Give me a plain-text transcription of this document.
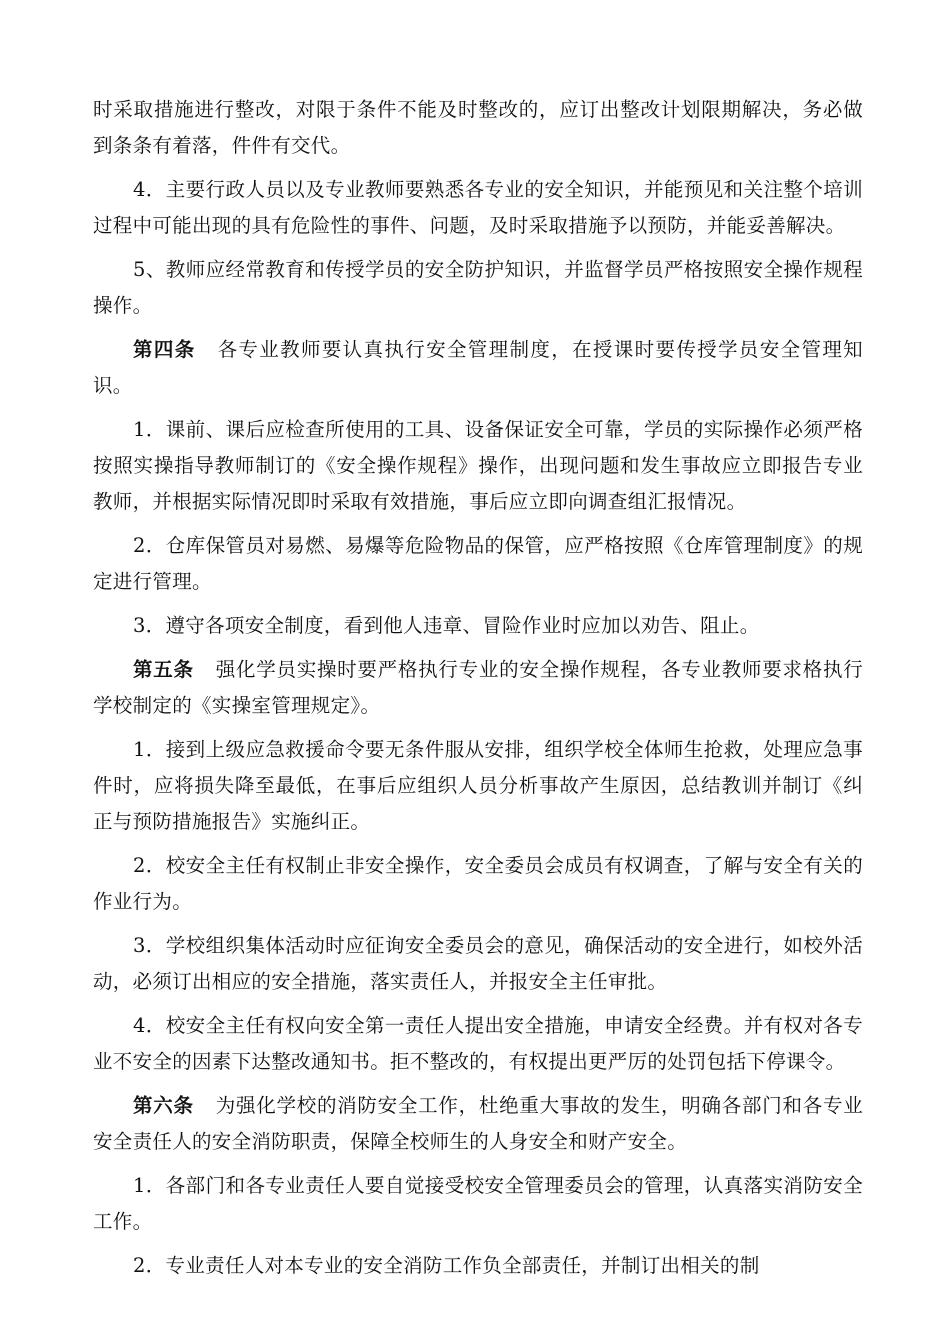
时采取措施进行整改，对限于条件不能及时整改的，应订出整改计划限期解决，务必做到条条有着落，件件有交代。

4．主要行政人员以及专业教师要熟悉各专业的安全知识，并能预见和关注整个培训过程中可能出现的具有危险性的事件、问题，及时采取措施予以预防，并能妥善解决。

5、教师应经常教育和传授学员的安全防护知识，并监督学员严格按照安全操作规程操作。

第四条 各专业教师要认真执行安全管理制度，在授课时要传授学员安全管理知识。

1．课前、课后应检查所使用的工具、设备保证安全可靠，学员的实际操作必须严格按照实操指导教师制订的《安全操作规程》操作，出现问题和发生事故应立即报告专业教师，并根据实际情况即时采取有效措施，事后应立即向调查组汇报情况。

2．仓库保管员对易燃、易爆等危险物品的保管，应严格按照《仓库管理制度》的规定进行管理。

3．遵守各项安全制度，看到他人违章、冒险作业时应加以劝告、阻止。

第五条 强化学员实操时要严格执行专业的安全操作规程，各专业教师要求格执行学校制定的《实操室管理规定》。

1．接到上级应急救援命令要无条件服从安排，组织学校全体师生抢救，处理应急事件时，应将损失降至最低，在事后应组织人员分析事故产生原因，总结教训并制订《纠正与预防措施报告》实施纠正。

2．校安全主任有权制止非安全操作，安全委员会成员有权调查，了解与安全有关的作业行为。

3．学校组织集体活动时应征询安全委员会的意见，确保活动的安全进行，如校外活动，必须订出相应的安全措施，落实责任人，并报安全主任审批。

4．校安全主任有权向安全第一责任人提出安全措施，申请安全经费。并有权对各专业不安全的因素下达整改通知书。拒不整改的，有权提出更严厉的处罚包括下停课令。

第六条 为强化学校的消防安全工作，杜绝重大事故的发生，明确各部门和各专业安全责任人的安全消防职责，保障全校师生的人身安全和财产安全。

1．各部门和各专业责任人要自觉接受校安全管理委员会的管理，认真落实消防安全工作。

2．专业责任人对本专业的安全消防工作负全部责任，并制订出相关的制
